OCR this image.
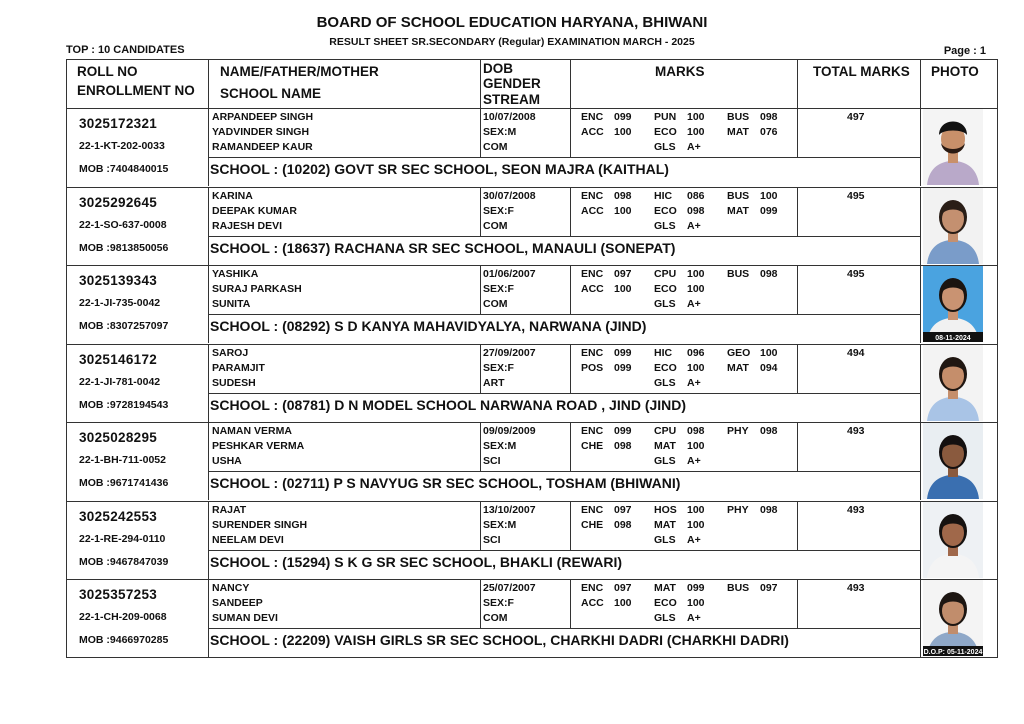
BOARD OF SCHOOL EDUCATION HARYANA, BHIWANI
RESULT SHEET SR.SECONDARY (Regular) EXAMINATION MARCH - 2025
TOP : 10 CANDIDATES	Page : 1
ROLL NO
ENROLLMENT NO
NAME/FATHER/MOTHER
SCHOOL NAME
DOB
GENDER
STREAM
MARKS	TOTAL MARKS PHOTO
3025172321
22-1-KT-202-0033
MOB :7404840015
ARPANDEEP SINGH
YADVINDER SINGH
RAMANDEEP KAUR
10/07/2008
SEX:M
COM
ENC 099 PUN 100 BUS 098
ACC 100 ECO 100 MAT 076
GLS A+
497
SCHOOL : (10202) GOVT SR SEC SCHOOL, SEON MAJRA (KAITHAL)
3025292645
22-1-SO-637-0008
MOB :9813850056
KARINA
DEEPAK KUMAR
RAJESH DEVI
30/07/2008
SEX:F
COM
ENC 098 HIC 086 BUS 100
ACC 100 ECO 098 MAT 099
GLS A+
495
SCHOOL : (18637) RACHANA SR SEC SCHOOL, MANAULI (SONEPAT)
3025139343
22-1-JI-735-0042
MOB :8307257097
YASHIKA
SURAJ PARKASH
SUNITA
01/06/2007
SEX:F
COM
ENC 097 CPU 100 BUS 098
ACC 100 ECO 100
GLS A+
495
SCHOOL : (08292) S D KANYA MAHAVIDYALYA, NARWANA (JIND)
08-11-2024
3025146172
22-1-JI-781-0042
MOB :9728194543
SAROJ
PARAMJIT
SUDESH
27/09/2007
SEX:F
ART
ENC 099 HIC 096 GEO 100
POS 099 ECO 100 MAT 094
GLS A+
494
SCHOOL : (08781) D N MODEL SCHOOL NARWANA ROAD , JIND (JIND)
3025028295
22-1-BH-711-0052
MOB :9671741436
NAMAN VERMA
PESHKAR VERMA
USHA
09/09/2009
SEX:M
SCI
ENC 099 CPU 098 PHY 098
CHE 098 MAT 100
GLS A+
493
SCHOOL : (02711) P S NAVYUG SR SEC SCHOOL, TOSHAM (BHIWANI)
3025242553
22-1-RE-294-0110
MOB :9467847039
RAJAT
SURENDER SINGH
NEELAM DEVI
13/10/2007
SEX:M
SCI
ENC 097 HOS 100 PHY 098
CHE 098 MAT 100
GLS A+
493
SCHOOL : (15294) S K G SR SEC SCHOOL, BHAKLI (REWARI)
3025357253
22-1-CH-209-0068
MOB :9466970285
NANCY
SANDEEP
SUMAN DEVI
25/07/2007
SEX:F
COM
ENC 097 MAT 099 BUS 097
ACC 100 ECO 100
GLS A+
493
SCHOOL : (22209) VAISH GIRLS SR SEC SCHOOL, CHARKHI DADRI (CHARKHI DADRI)
D.O.P: 05-11-2024
